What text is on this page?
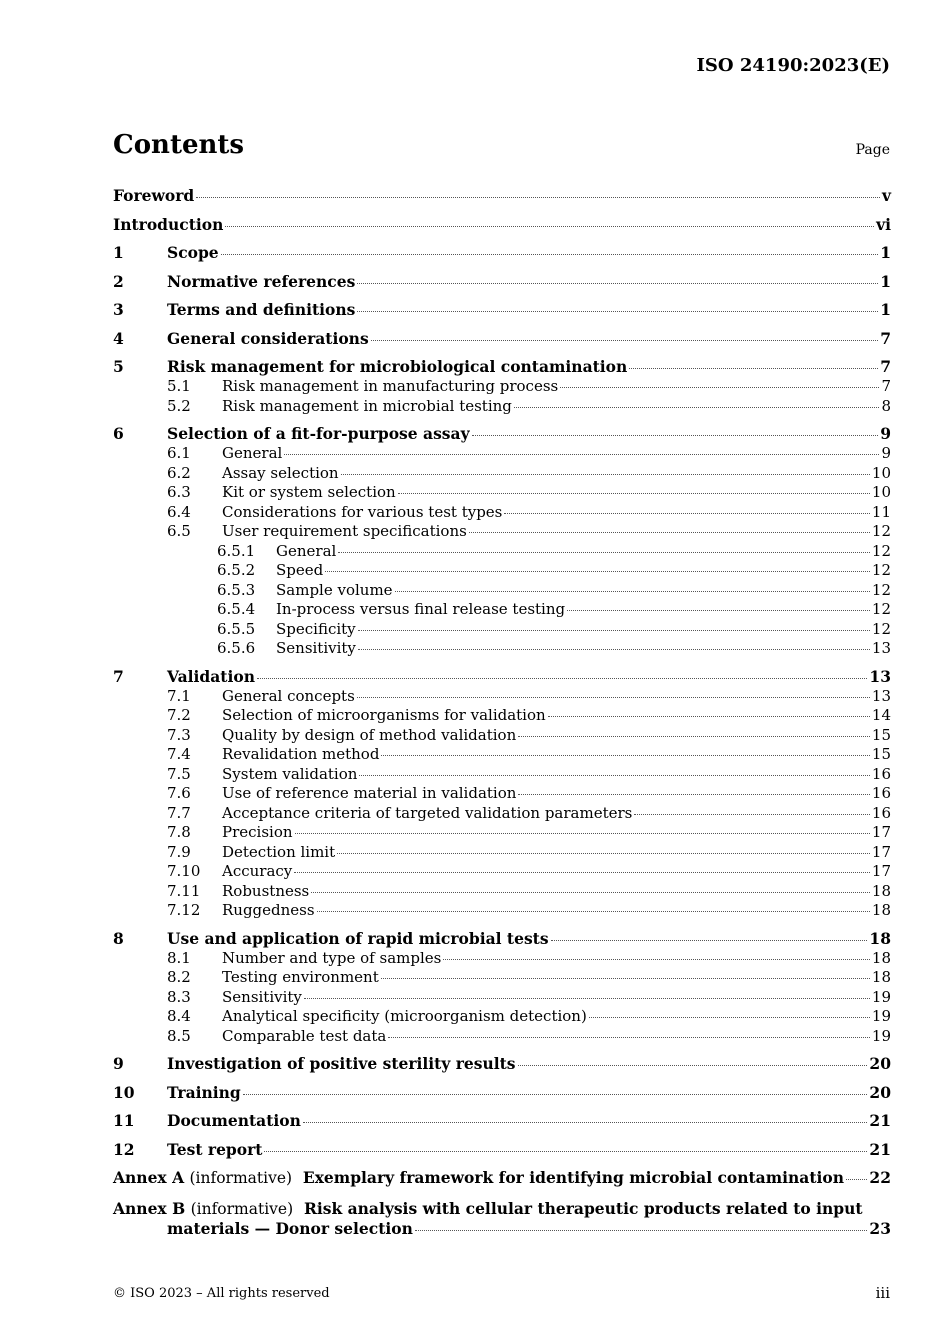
ISO 24190:2023(E)
Contents	Page
Foreword	v
Introduction	vi
1	Scope	1
2	Normative references	1
3	Terms and definitions	1
4	General considerations	7
5	Risk management for microbiological contamination	7
5.1	Risk management in manufacturing process	7
5.2	Risk management in microbial testing	8
6	Selection of a fit-for-purpose assay	9
6.1	General	9
6.2	Assay selection	10
6.3	Kit or system selection	10
6.4	Considerations for various test types	11
6.5	User requirement specifications	12
6.5.1	General	12
6.5.2	Speed	12
6.5.3	Sample volume	12
6.5.4	In-process versus final release testing	12
6.5.5	Specificity	12
6.5.6	Sensitivity	13
7	Validation	13
7.1	General concepts	13
7.2	Selection of microorganisms for validation	14
7.3	Quality by design of method validation	15
7.4	Revalidation method	15
7.5	System validation	16
7.6	Use of reference material in validation	16
7.7	Acceptance criteria of targeted validation parameters	16
7.8	Precision	17
7.9	Detection limit	17
7.10	Accuracy	17
7.11	Robustness	18
7.12	Ruggedness	18
8	Use and application of rapid microbial tests	18
8.1	Number and type of samples	18
8.2	Testing environment	18
8.3	Sensitivity	19
8.4	Analytical specificity (microorganism detection)	19
8.5	Comparable test data	19
9	Investigation of positive sterility results	20
10	Training	20
11	Documentation	21
12	Test report	21
Annex A (informative) Exemplary framework for identifying microbial contamination 22
Annex B (informative) Risk analysis with cellular therapeutic products related to input
materials — Donor selection	23
© ISO 2023 – All rights reserved	iii
